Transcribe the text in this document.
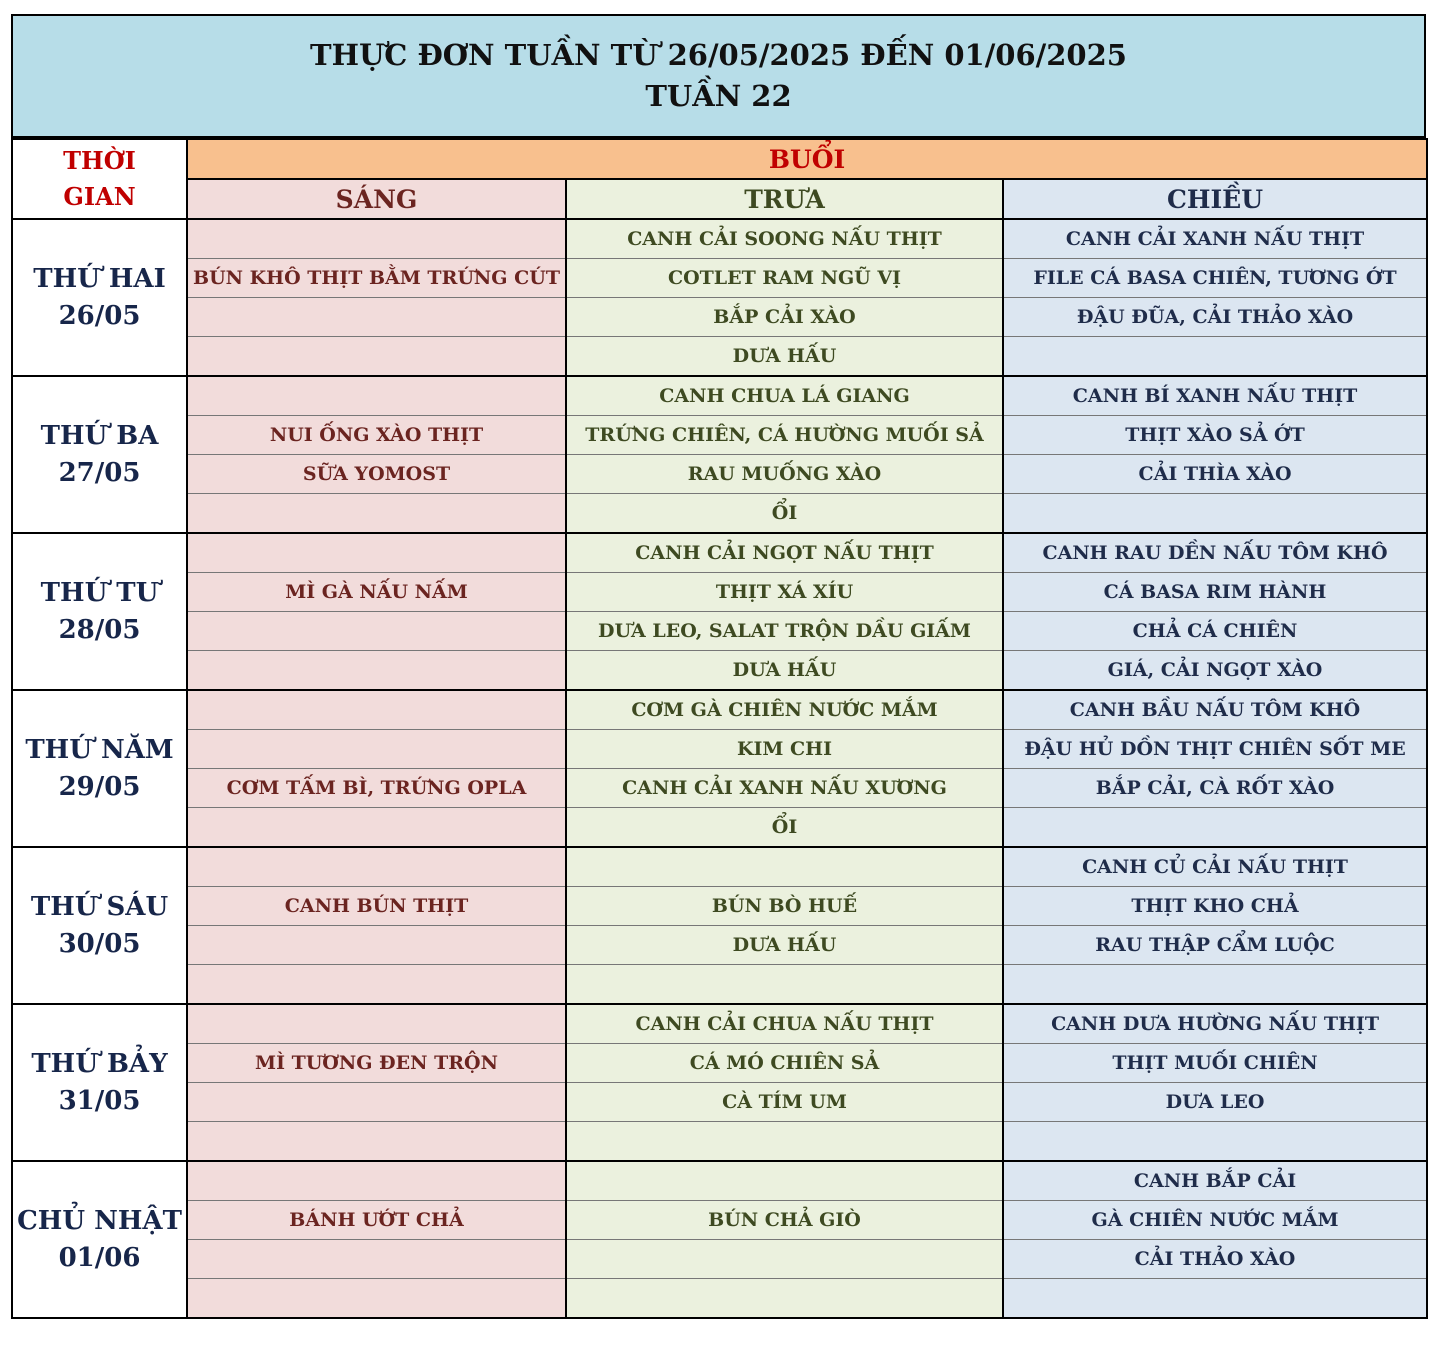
THỰC ĐƠN TUẦN TỪ 26/05/2025 ĐẾN 01/06/2025
TUẦN 22
THỜI
GIAN	BUỔI		
	SÁNG	TRƯA	CHIỀU

THỨ HAI
26/05		CANH CẢI SOONG NẤU THỊT	CANH CẢI XANH NẤU THỊT
	BÚN KHÔ THỊT BẰM TRỨNG CÚT	COTLET RAM NGŨ VỊ	FILE CÁ BASA CHIÊN, TƯƠNG ỚT
		BẮP CẢI XÀO	ĐẬU ĐŨA, CẢI THẢO XÀO
		DƯA HẤU	

THỨ BA
27/05		CANH CHUA LÁ GIANG	CANH BÍ XANH NẤU THỊT
	NUI ỐNG XÀO THỊT	TRỨNG CHIÊN, CÁ HƯỜNG MUỐI SẢ	THỊT XÀO SẢ ỚT
	SỮA YOMOST	RAU MUỐNG XÀO	CẢI THÌA XÀO
		ỔI	

THỨ TƯ
28/05		CANH CẢI NGỌT NẤU THỊT	CANH RAU DỀN NẤU TÔM KHÔ
	MÌ GÀ NẤU NẤM	THỊT XÁ XÍU	CÁ BASA RIM HÀNH
		DƯA LEO, SALAT TRỘN DẦU GIẤM	CHẢ CÁ CHIÊN
		DƯA HẤU	GIÁ, CẢI NGỌT XÀO

THỨ NĂM
29/05		CƠM GÀ CHIÊN NƯỚC MẮM	CANH BẦU NẤU TÔM KHÔ
		KIM CHI	ĐẬU HỦ DỒN THỊT CHIÊN SỐT ME
	CƠM TẤM BÌ, TRỨNG OPLA	CANH CẢI XANH NẤU XƯƠNG	BẮP CẢI, CÀ RỐT XÀO
		ỔI	

THỨ SÁU
30/05			CANH CỦ CẢI NẤU THỊT
	CANH BÚN THỊT	BÚN BÒ HUẾ	THỊT KHO CHẢ
		DƯA HẤU	RAU THẬP CẨM LUỘC

THỨ BẢY
31/05		CANH CẢI CHUA NẤU THỊT	CANH DƯA HƯỜNG NẤU THỊT
	MÌ TƯƠNG ĐEN TRỘN	CÁ MÓ CHIÊN SẢ	THỊT MUỐI CHIÊN
		CÀ TÍM UM	DƯA LEO

CHỦ NHẬT
01/06			CANH BẮP CẢI
	BÁNH ƯỚT CHẢ	BÚN CHẢ GIÒ	GÀ CHIÊN NƯỚC MẮM
			CẢI THẢO XÀO
